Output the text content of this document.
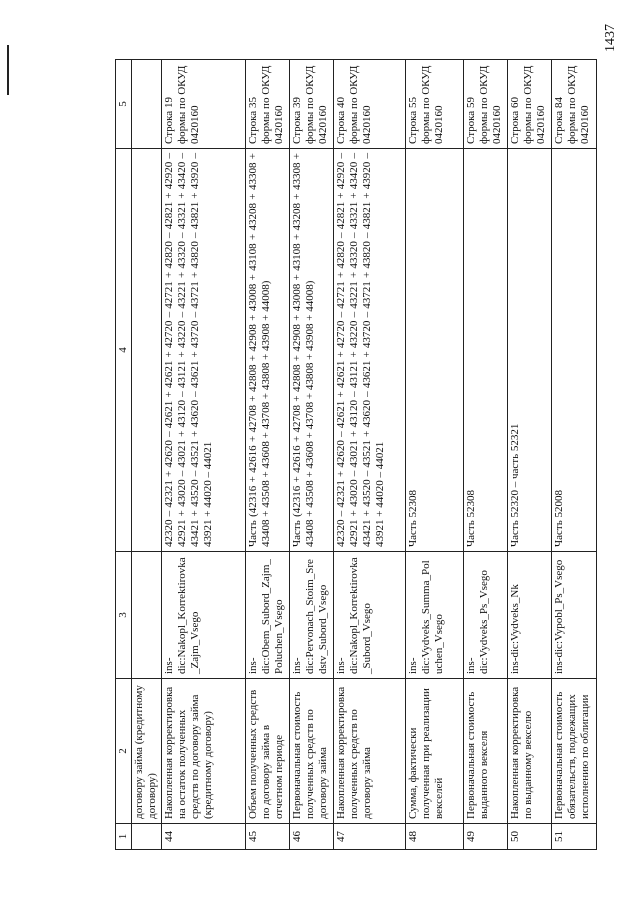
1437
1	2	3	4	5
	договору займа (кредитному договору)			
44	Накопленная корректировка на остаток полученных средств по договору займа (кредитному договору)	ins-dic:Nakopl_Korrektirovka_Zajm_Vsego	42320 – 42321 + 42620 – 42621 + 42621 + 42720 – 42721 + 42820 – 42821 + 42920 – 42921 + 43020 – 43021 + 43120 – 43121 + 43220 – 43221 + 43320 – 43321 + 43420 – 43421 + 43520 – 43521 + 43620 – 43621 + 43720 – 43721 + 43820 – 43821 + 43920 – 43921 + 44020 – 44021	Строка 19 формы по ОКУД 0420160
45	Объем полученных средств по договору займа в отчетном периоде	ins-dic:Obem_Subord_Zajm_Poluchen_Vsego	Часть (42316 + 42616 + 42708 + 42808 + 42908 + 43008 + 43108 + 43208 + 43308 + 43408 + 43508 + 43608 + 43708 + 43808 + 43908 + 44008)	Строка 35 формы по ОКУД 0420160
46	Первоначальная стоимость полученных средств по договору займа	ins-dic:Pervonach_Stoim_Sredstv_Subord_Vsego	Часть (42316 + 42616 + 42708 + 42808 + 42908 + 43008 + 43108 + 43208 + 43308 + 43408 + 43508 + 43608 + 43708 + 43808 + 43908 + 44008)	Строка 39 формы по ОКУД 0420160
47	Накопленная корректировка полученных средств по договору займа	ins-dic:Nakopl_Korrektirovka_Subord_Vsego	42320 – 42321 + 42620 – 42621 + 42621 + 42720 – 42721 + 42820 – 42821 + 42920 – 42921 + 43020 – 43021 + 43120 – 43121 + 43220 – 43221 + 43320 – 43321 + 43420 – 43421 + 43520 – 43521 + 43620 – 43621 + 43720 – 43721 + 43820 – 43821 + 43920 – 43921 + 44020 – 44021	Строка 40 формы по ОКУД 0420160
48	Сумма, фактически полученная при реализации векселей	ins-dic:Vydveks_Summa_Poluchen_Vsego	Часть 52308	Строка 55 формы по ОКУД 0420160
49	Первоначальная стоимость выданного векселя	ins-dic:Vydveks_Ps_Vsego	Часть 52308	Строка 59 формы по ОКУД 0420160
50	Накопленная корректировка по выданному векселю	ins-dic:Vydveks_Nk	Часть 52320 – часть 52321	Строка 60 формы по ОКУД 0420160
51	Первоначальная стоимость обязательств, подлежащих исполнению по облигации	ins-dic:Vypobl_Ps_Vsego	Часть 52008	Строка 84 формы по ОКУД 0420160
